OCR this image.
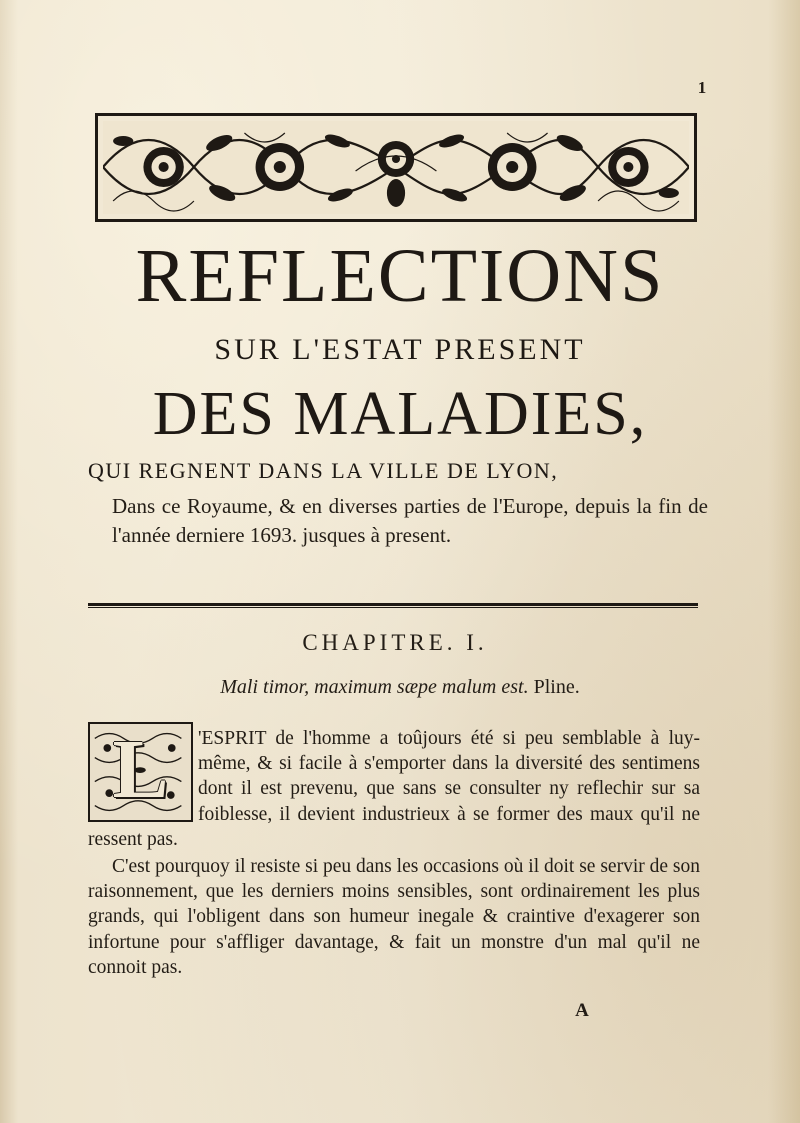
1
REFLECTIONS
SUR L'ESTAT PRESENT
DES MALADIES,
QUI REGNENT DANS LA VILLE DE LYON,
Dans ce Royaume, & en diverses parties de l'Europe, depuis la fin de l'année derniere 1693. jusques à present.
CHAPITRE. I.
Mali timor, maximum sæpe malum est. Pline.
L	'ESPRIT de l'homme a toûjours été si peu semblable à luy-même, & si facile à s'emporter dans la diversité des sentimens dont il est prevenu, que sans se consulter ny reflechir sur sa foiblesse, il devient industrieux à se former des maux qu'il ne ressent pas.

C'est pourquoy il resiste si peu dans les occasions où il doit se servir de son raisonnement, que les derniers moins sensibles, sont ordinairement les plus grands, qui l'obligent dans son humeur inegale & craintive d'exagerer son infortune pour s'affliger davantage, & fait un monstre d'un mal qu'il ne connoit pas.

A
